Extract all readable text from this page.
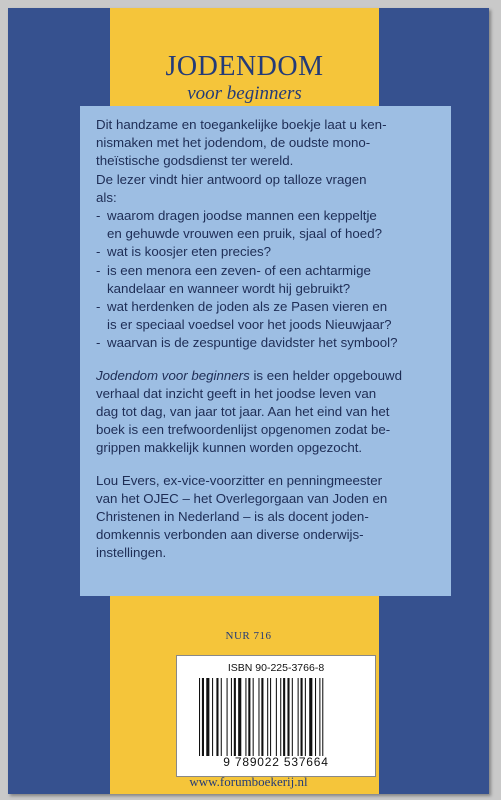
JODENDOM
voor beginners

Dit handzame en toegankelijke boekje laat u ken-
nismaken met het jodendom, de oudste mono-
theïstische godsdienst ter wereld.

De lezer vindt hier antwoord op talloze vragen
als:

- waarom dragen joodse mannen een keppeltje
en gehuwde vrouwen een pruik, sjaal of hoed?
- wat is koosjer eten precies?
- is een menora een zeven- of een achtarmige
kandelaar en wanneer wordt hij gebruikt?
- wat herdenken de joden als ze Pasen vieren en
is er speciaal voedsel voor het joods Nieuwjaar?
- waarvan is de zespuntige davidster het symbool?

Jodendom voor beginners is een helder opgebouwd
verhaal dat inzicht geeft in het joodse leven van
dag tot dag, van jaar tot jaar. Aan het eind van het
boek is een trefwoordenlijst opgenomen zodat be-
grippen makkelijk kunnen worden opgezocht.

Lou Evers, ex-vice-voorzitter en penningmeester
van het OJEC – het Overlegorgaan van Joden en
Christenen in Nederland – is als docent joden-
domkennis verbonden aan diverse onderwijs-
instellingen.

NUR 716
ISBN 90-225-3766-8
9 789022 537664
www.forumboekerij.nl
